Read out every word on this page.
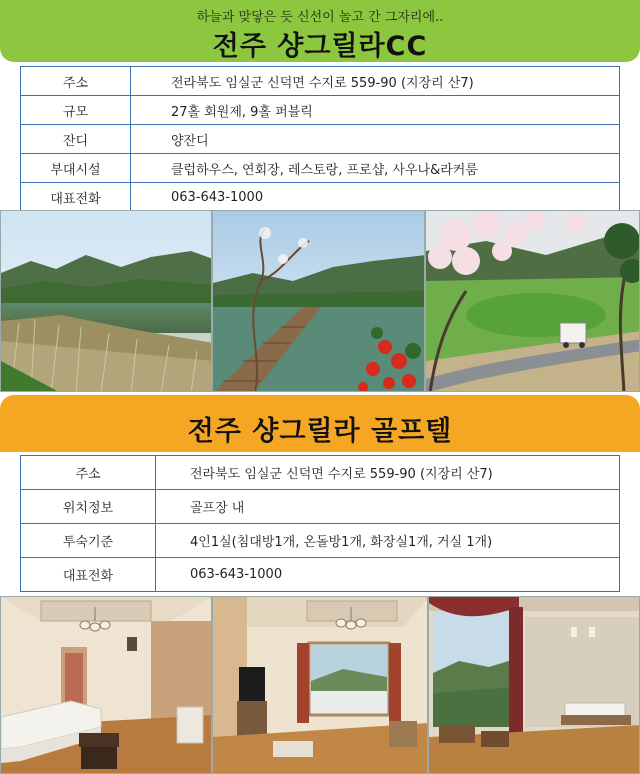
하늘과 맞닿은 듯 신선이 놀고 간 그자리에..
전주 샹그릴라CC
주소	전라북도 임실군 신덕면 수지로 559-90 (지장리 산7)
규모	27홀 회원제, 9홀 퍼블릭
잔디	양잔디
부대시설	클럽하우스, 연회장, 레스토랑, 프로샵, 사우나&라커룸
대표전화	063-643-1000
전주 샹그릴라 골프텔
주소	전라북도 임실군 신덕면 수지로 559-90 (지장리 산7)
위치정보	골프장 내
투숙기준	4인1실(침대방1개, 온돌방1개, 화장실1개, 거실 1개)
대표전화	063-643-1000
